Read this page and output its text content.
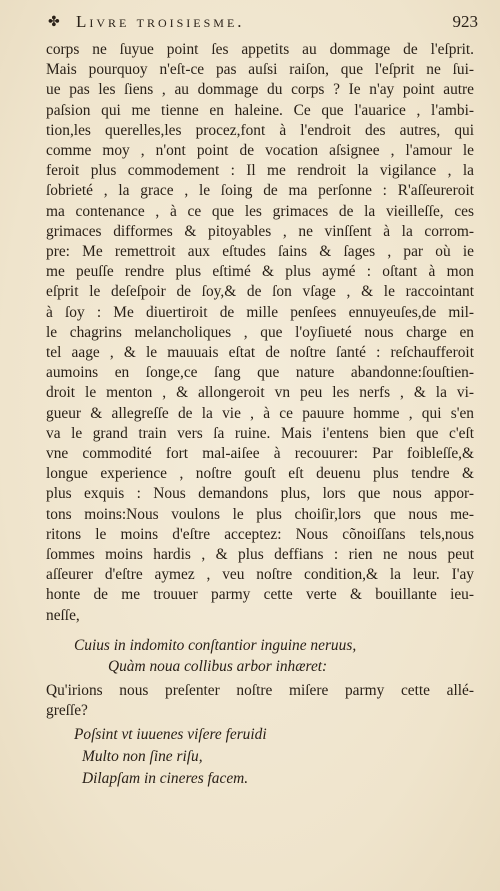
✤ Livre troisiesme.	923
corps ne ſuyue point ſes appetits au dommage de l'eſprit.
Mais pourquoy n'eſt-ce pas auſsi raiſon, que l'eſprit ne ſui-
ue pas les ſiens , au dommage du corps ? Ie n'ay point autre
paſsion qui me tienne en haleine. Ce que l'auarice , l'ambi-
tion,les querelles,les procez,font à l'endroit des autres, qui
comme moy , n'ont point de vocation aſsignee , l'amour le
feroit plus commodement : Il me rendroit la vigilance , la
ſobrieté , la grace , le ſoing de ma perſonne : R'aſſeureroit
ma contenance , à ce que les grimaces de la vieilleſſe, ces
grimaces difformes & pitoyables , ne vinſſent à la corrom-
pre: Me remettroit aux eſtudes ſains & ſages , par où ie
me peuſſe rendre plus eſtimé & plus aymé : oſtant à mon
eſprit le deſeſpoir de ſoy,& de ſon vſage , & le raccointant
à ſoy : Me diuertiroit de mille penſees ennuyeuſes,de mil-
le chagrins melancholiques , que l'oyſiueté nous charge en
tel aage , & le mauuais eſtat de noſtre ſanté : reſchaufferoit
aumoins en ſonge,ce ſang que nature abandonne:ſouſtien-
droit le menton , & allongeroit vn peu les nerfs , & la vi-
gueur & allegreſſe de la vie , à ce pauure homme , qui s'en
va le grand train vers ſa ruine. Mais i'entens bien que c'eſt
vne commodité fort mal-aiſee à recouurer: Par foibleſſe,&
longue experience , noſtre gouſt eſt deuenu plus tendre &
plus exquis : Nous demandons plus, lors que nous appor-
tons moins:Nous voulons le plus choiſir,lors que nous me-
ritons le moins d'eſtre acceptez: Nous cõnoiſſans tels,nous
ſommes moins hardis , & plus deffians : rien ne nous peut
aſſeurer d'eſtre aymez , veu noſtre condition,& la leur. I'ay
honte de me trouuer parmy cette verte & bouillante ieu-
neſſe,
Cuius in indomito conſtantior inguine neruus,
Quàm noua collibus arbor inhæret:
Qu'irions nous preſenter noſtre miſere parmy cette allé-
greſſe?
Poſsint vt iuuenes viſere feruidi
Multo non ſine riſu,
Dilapſam in cineres facem.
